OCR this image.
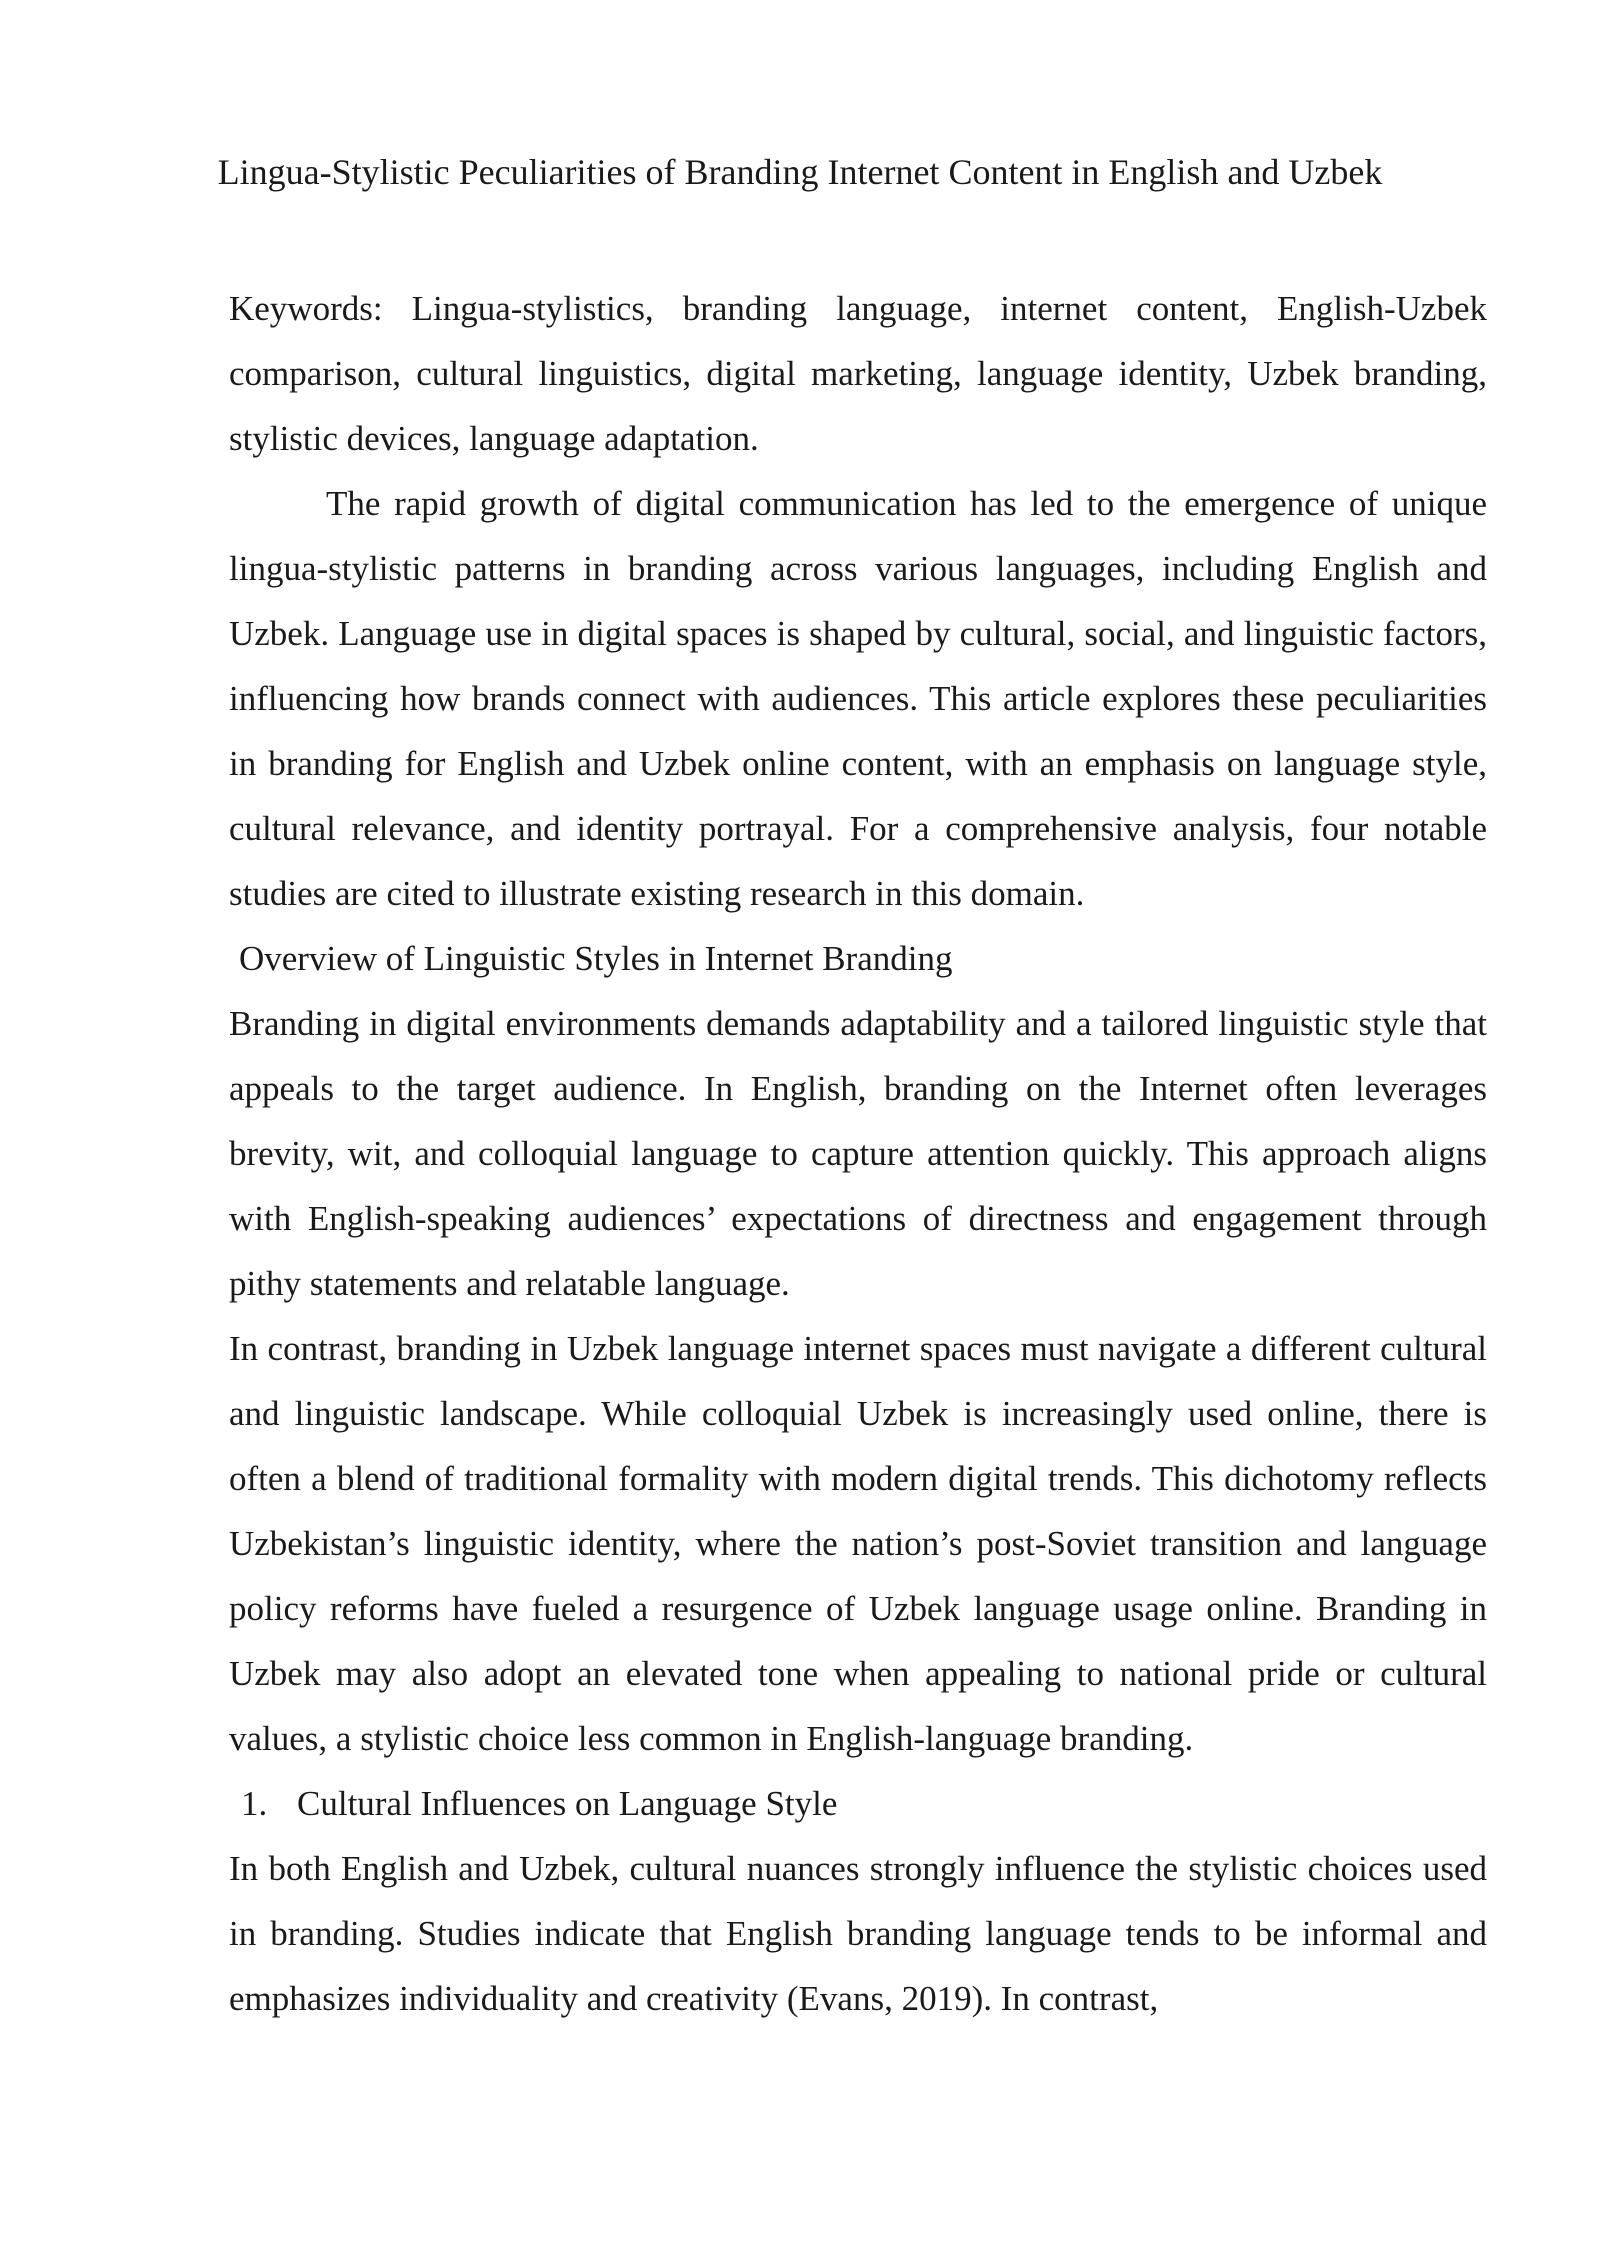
Lingua-Stylistic Peculiarities of Branding Internet Content in English and Uzbek

Keywords: Lingua-stylistics, branding language, internet content, English-Uzbek comparison, cultural linguistics, digital marketing, language identity, Uzbek branding, stylistic devices, language adaptation.

The rapid growth of digital communication has led to the emergence of unique lingua-stylistic patterns in branding across various languages, including English and Uzbek. Language use in digital spaces is shaped by cultural, social, and linguistic factors, influencing how brands connect with audiences. This article explores these peculiarities in branding for English and Uzbek online content, with an emphasis on language style, cultural relevance, and identity portrayal. For a comprehensive analysis, four notable studies are cited to illustrate existing research in this domain.

Overview of Linguistic Styles in Internet Branding

Branding in digital environments demands adaptability and a tailored linguistic style that appeals to the target audience. In English, branding on the Internet often leverages brevity, wit, and colloquial language to capture attention quickly. This approach aligns with English-speaking audiences’ expectations of directness and engagement through pithy statements and relatable language.

In contrast, branding in Uzbek language internet spaces must navigate a different cultural and linguistic landscape. While colloquial Uzbek is increasingly used online, there is often a blend of traditional formality with modern digital trends. This dichotomy reflects Uzbekistan’s linguistic identity, where the nation’s post-Soviet transition and language policy reforms have fueled a resurgence of Uzbek language usage online. Branding in Uzbek may also adopt an elevated tone when appealing to national pride or cultural values, a stylistic choice less common in English-language branding.

1. Cultural Influences on Language Style

In both English and Uzbek, cultural nuances strongly influence the stylistic choices used in branding. Studies indicate that English branding language tends to be informal and emphasizes individuality and creativity (Evans, 2019). In contrast,
